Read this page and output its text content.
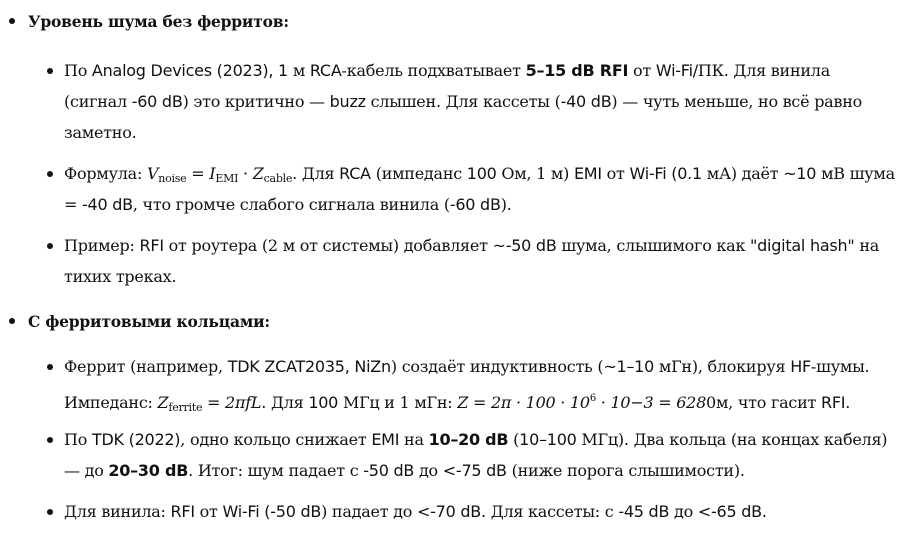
Уровень шума без ферритов:
По Analog Devices (2023), 1 м RCA-кабель подхватывает 5–15 dB RFI от Wi-Fi/ПК. Для винила
(сигнал -60 dB) это критично — buzz слышен. Для кассеты (-40 dB) — чуть меньше, но всё равно
заметно.
Формула: $V_{noise} = I_{EMI} \cdot Z_{cable}$. Для RCA (импеданс 100 Ом, 1 м) EMI от Wi-Fi (0.1 мА) даёт ~10 мВ шума
= -40 dB, что громче слабого сигнала винила (-60 dB).
Пример: RFI от роутера (2 м от системы) добавляет ~-50 dB шума, слышимого как "digital hash" на
тихих треках.
С ферритовыми кольцами:
Феррит (например, TDK ZCAT2035, NiZn) создаёт индуктивность (~1–10 мГн), блокируя HF-шумы.
Импеданс: $Z_{ferrite} = 2\pi fL$. Для 100 МГц и 1 мГн: $Z = 2\pi \cdot 100 \cdot 10^6 \cdot 10-3 = 6280м$, что гасит RFI.
По TDK (2022), одно кольцо снижает EMI на 10–20 dB (10–100 МГц). Два кольца (на концах кабеля)
— до 20–30 dB. Итог: шум падает с -50 dB до <-75 dB (ниже порога слышимости).
Для винила: RFI от Wi-Fi (-50 dB) падает до <-70 dB. Для кассеты: с -45 dB до <-65 dB.
